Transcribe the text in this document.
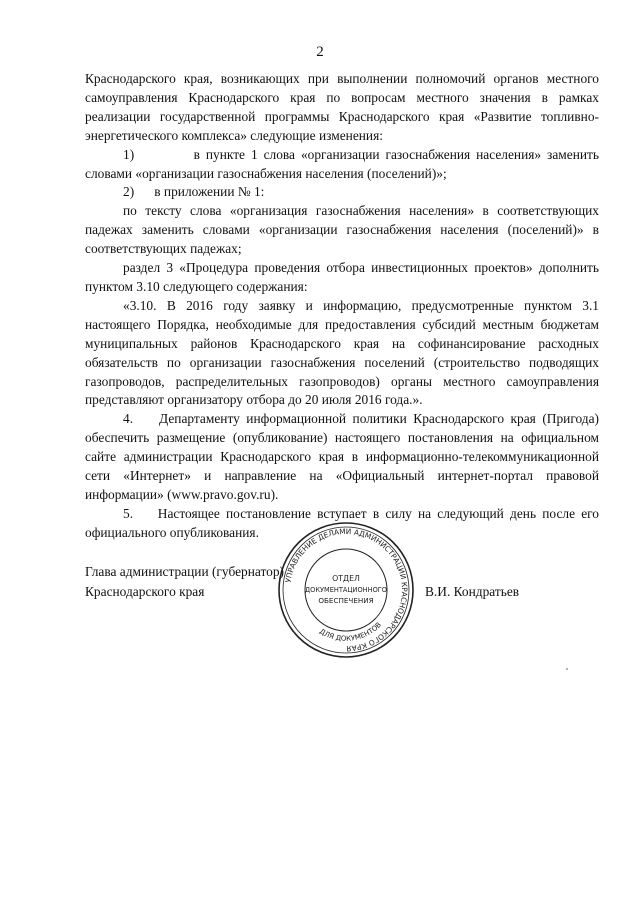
2

Краснодарского края, возникающих при выполнении полномочий органов местного самоуправления Краснодарского края по вопросам местного значения в рамках реализации государственной программы Краснодарского края «Развитие топливно-энергетического комплекса» следующие изменения:

1)          в пункте 1 слова «организации газоснабжения населения» заменить словами «организации газоснабжения населения (поселений)»;

2)      в приложении № 1:

по тексту слова «организация газоснабжения населения» в соответствующих падежах заменить словами «организации газоснабжения населения (поселений)» в соответствующих падежах;

раздел 3 «Процедура проведения отбора инвестиционных проектов» дополнить пунктом 3.10 следующего содержания:

«3.10. В 2016 году заявку и информацию, предусмотренные пунктом 3.1 настоящего Порядка, необходимые для предоставления субсидий местным бюджетам муниципальных районов Краснодарского края на софинансирование расходных обязательств по организации газоснабжения поселений (строительство подводящих газопроводов, распределительных газопроводов) органы местного самоуправления представляют организатору отбора до 20 июля 2016 года.».

4.    Департаменту информационной политики Краснодарского края (Пригода) обеспечить размещение (опубликование) настоящего постановления на официальном сайте администрации Краснодарского края в информационно-телекоммуникационной сети «Интернет» и направление на «Официальный интернет-портал правовой информации» (www.pravo.gov.ru).

5.    Настоящее постановление вступает в силу на следующий день после его официального опубликования.

Глава администрации (губернатор)
Краснодарского края
УПРАВЛЕНИЕ ДЕЛАМИ АДМИНИСТРАЦИИ КРАСНОДАРСКОГО КРАЯ
ДЛЯ ДОКУМЕНТОВ
ОТДЕЛ
ДОКУМЕНТАЦИОННОГО
ОБЕСПЕЧЕНИЯ
В.И. Кондратьев
